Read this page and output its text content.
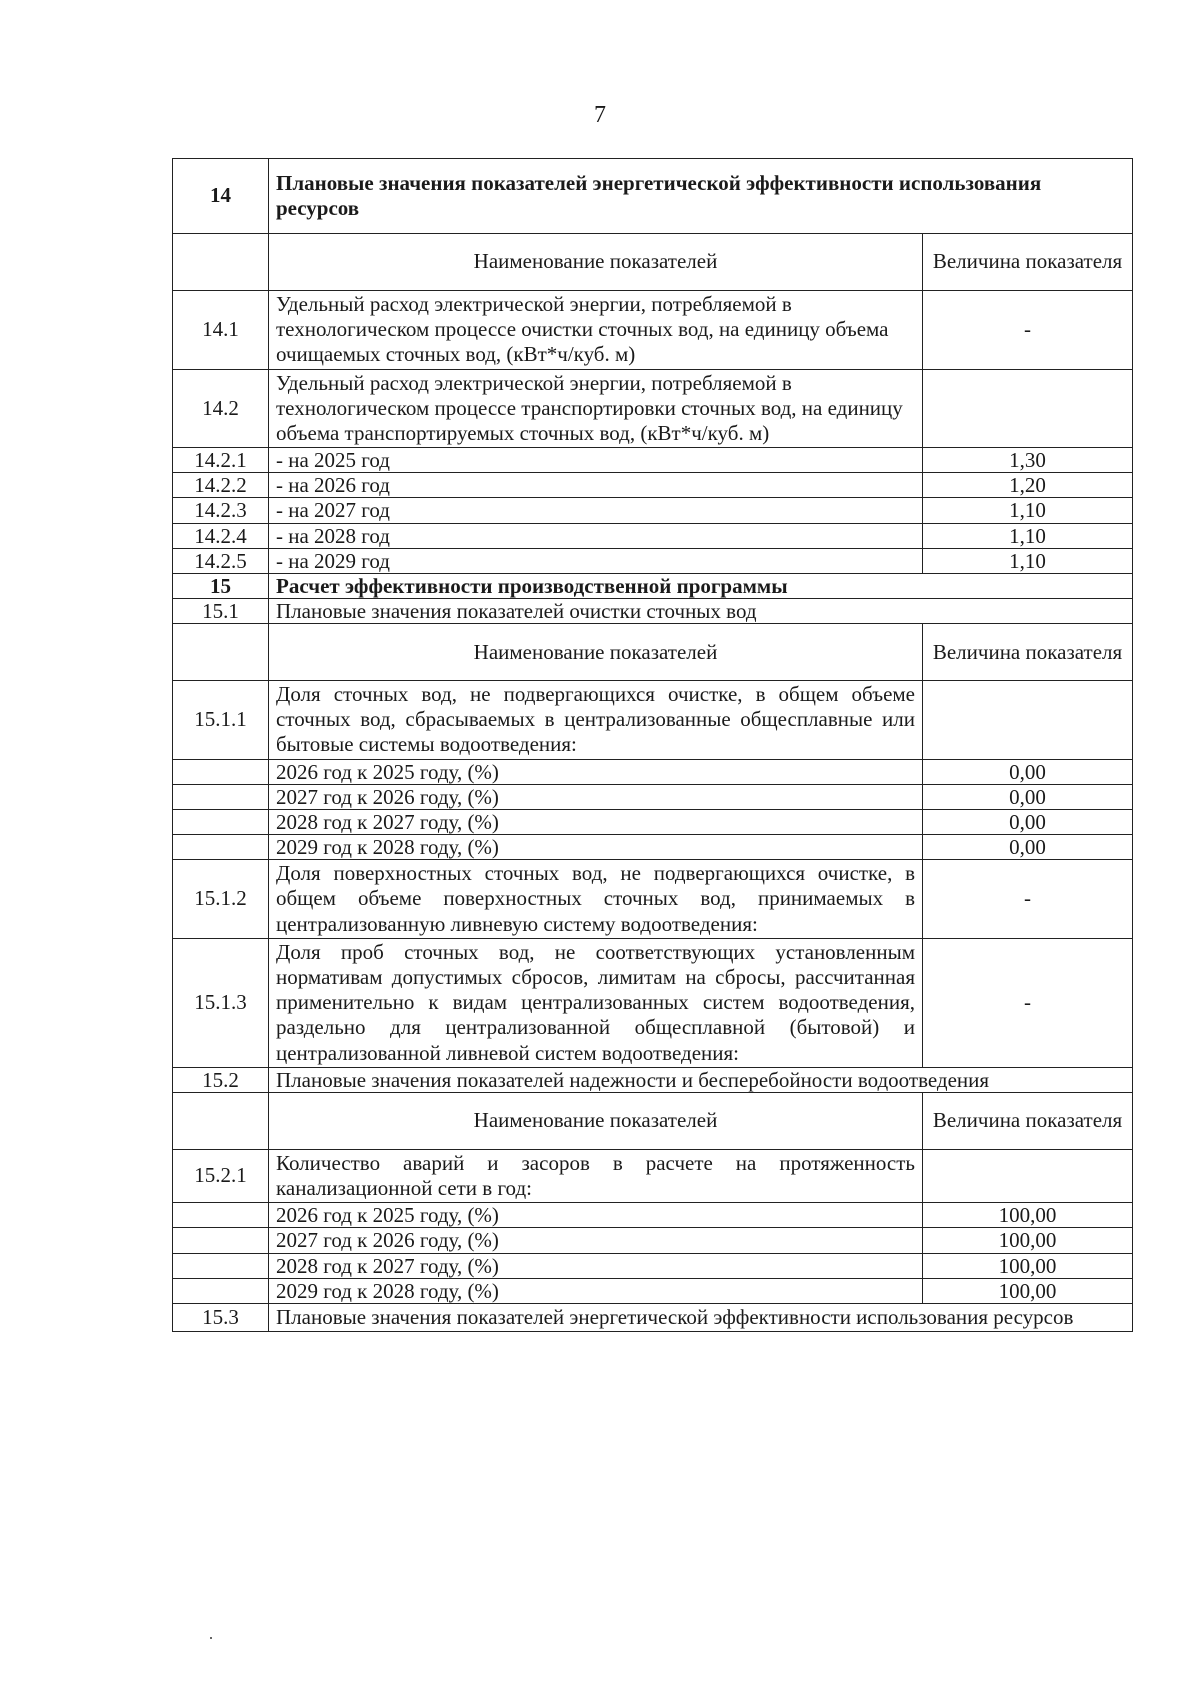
7
14	Плановые значения показателей энергетической эффективности использования ресурсов	
	Наименование показателей	Величина показателя
14.1	Удельный расход электрической энергии, потребляемой в технологическом процессе очистки сточных вод, на единицу объема очищаемых сточных вод, (кВт*ч/куб. м)	-
14.2	Удельный расход электрической энергии, потребляемой в технологическом процессе транспортировки сточных вод, на единицу объема транспортируемых сточных вод, (кВт*ч/куб. м)	
14.2.1	- на 2025 год	1,30
14.2.2	- на 2026 год	1,20
14.2.3	- на 2027 год	1,10
14.2.4	- на 2028 год	1,10
14.2.5	- на 2029 год	1,10
15	Расчет эффективности производственной программы	
15.1	Плановые значения показателей очистки сточных вод	
	Наименование показателей	Величина показателя
15.1.1	Доля сточных вод, не подвергающихся очистке, в общем объеме сточных вод, сбрасываемых в централизованные общесплавные или бытовые системы водоотведения:	
	2026 год к 2025 году, (%)	0,00
	2027 год к 2026 году, (%)	0,00
	2028 год к 2027 году, (%)	0,00
	2029 год к 2028 году, (%)	0,00
15.1.2	Доля поверхностных сточных вод, не подвергающихся очистке, в общем объеме поверхностных сточных вод, принимаемых в централизованную ливневую систему водоотведения:	-
15.1.3	Доля проб сточных вод, не соответствующих установленным нормативам допустимых сбросов, лимитам на сбросы, рассчитанная применительно к видам централизованных систем водоотведения, раздельно для централизованной общесплавной (бытовой) и централизованной ливневой систем водоотведения:	-
15.2	Плановые значения показателей надежности и бесперебойности водоотведения	
	Наименование показателей	Величина показателя
15.2.1	Количество аварий и засоров в расчете на протяженность канализационной сети в год:	
	2026 год к 2025 году, (%)	100,00
	2027 год к 2026 году, (%)	100,00
	2028 год к 2027 году, (%)	100,00
	2029 год к 2028 году, (%)	100,00
15.3	Плановые значения показателей энергетической эффективности использования ресурсов	
